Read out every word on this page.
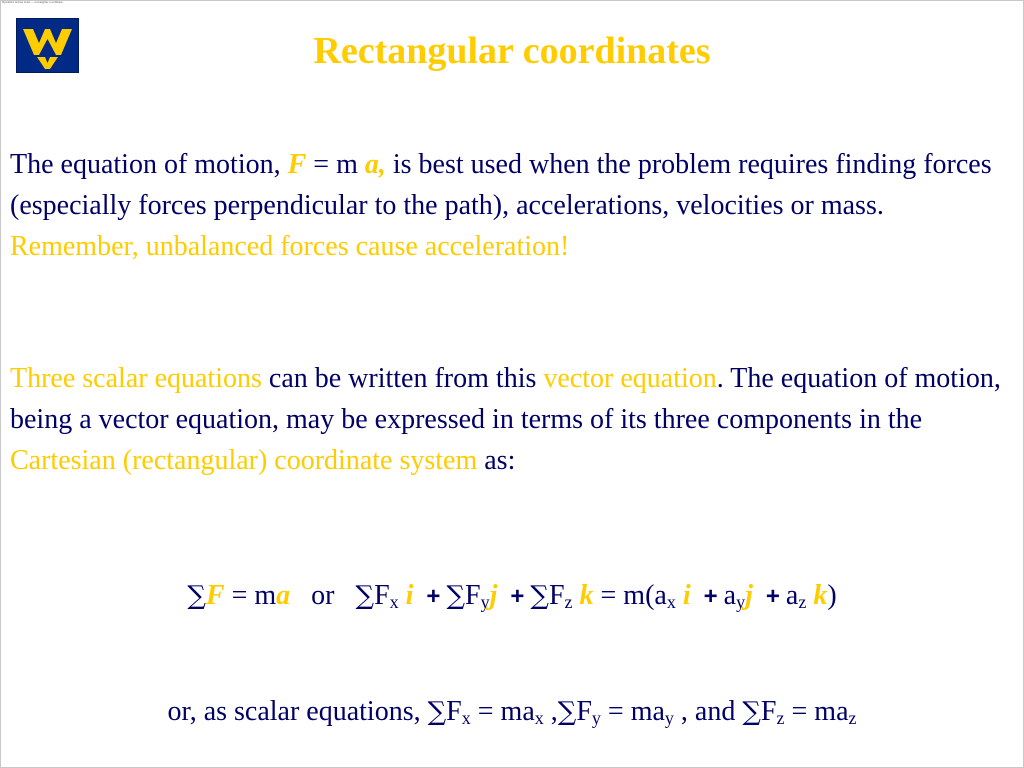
Dynamics lecture notes — rectangular coordinates
Rectangular coordinates
The equation of motion, F = m a, is best used when the problem requires finding forces (especially forces perpendicular to the path), accelerations, velocities or mass. Remember, unbalanced forces cause acceleration!
Three scalar equations can be written from this vector equation. The equation of motion, being a vector equation, may be expressed in terms of its three components in the Cartesian (rectangular) coordinate system as:
∑F = ma or $\sum F_x$ $i + \sum F_yj + \sum F_z$ $k = m(a_x$ $i + a_yj + a_z$ k)
or, as scalar equations, $\sum F_x = ma_x$ $,\sum F_y = ma_y$ , and $\sum F_z = ma_z$
